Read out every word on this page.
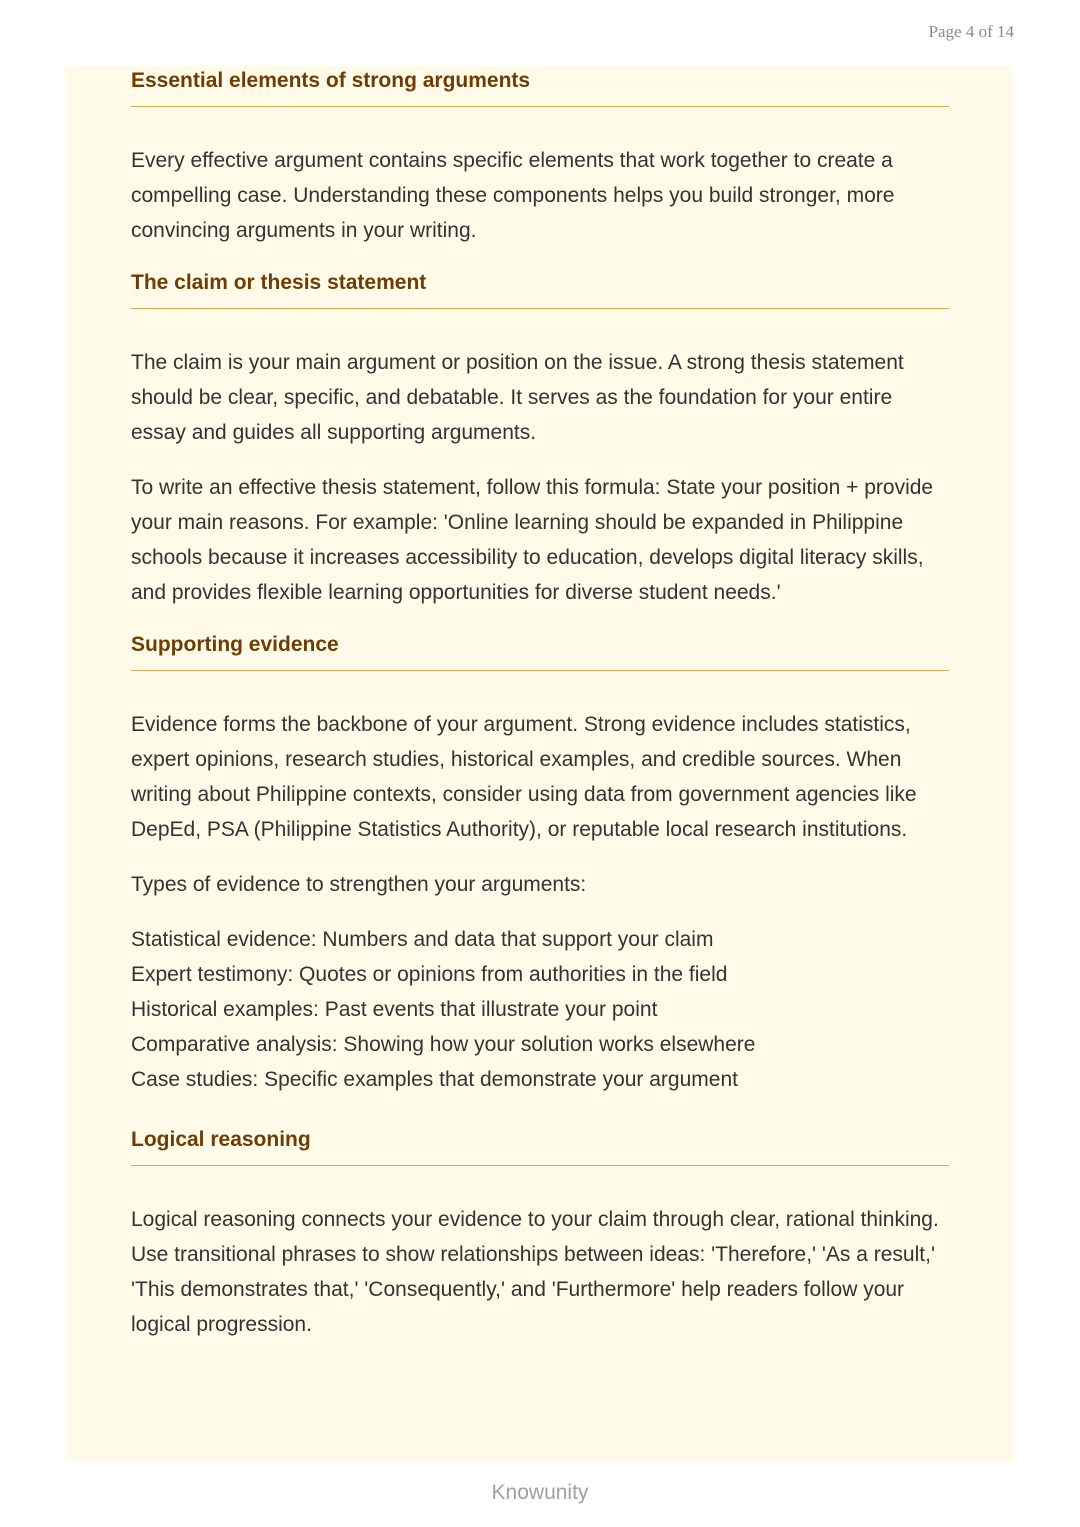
Page 4 of 14
Essential elements of strong arguments

Every effective argument contains specific elements that work together to create a compelling case. Understanding these components helps you build stronger, more convincing arguments in your writing.

The claim or thesis statement

The claim is your main argument or position on the issue. A strong thesis statement should be clear, specific, and debatable. It serves as the foundation for your entire essay and guides all supporting arguments.

To write an effective thesis statement, follow this formula: State your position + provide your main reasons. For example: 'Online learning should be expanded in Philippine schools because it increases accessibility to education, develops digital literacy skills, and provides flexible learning opportunities for diverse student needs.'

Supporting evidence

Evidence forms the backbone of your argument. Strong evidence includes statistics, expert opinions, research studies, historical examples, and credible sources. When writing about Philippine contexts, consider using data from government agencies like DepEd, PSA (Philippine Statistics Authority), or reputable local research institutions.

Types of evidence to strengthen your arguments:

Statistical evidence: Numbers and data that support your claim
Expert testimony: Quotes or opinions from authorities in the field
Historical examples: Past events that illustrate your point
Comparative analysis: Showing how your solution works elsewhere
Case studies: Specific examples that demonstrate your argument
Logical reasoning

Logical reasoning connects your evidence to your claim through clear, rational thinking. Use transitional phrases to show relationships between ideas: 'Therefore,' 'As a result,' 'This demonstrates that,' 'Consequently,' and 'Furthermore' help readers follow your logical progression.

Knowunity
